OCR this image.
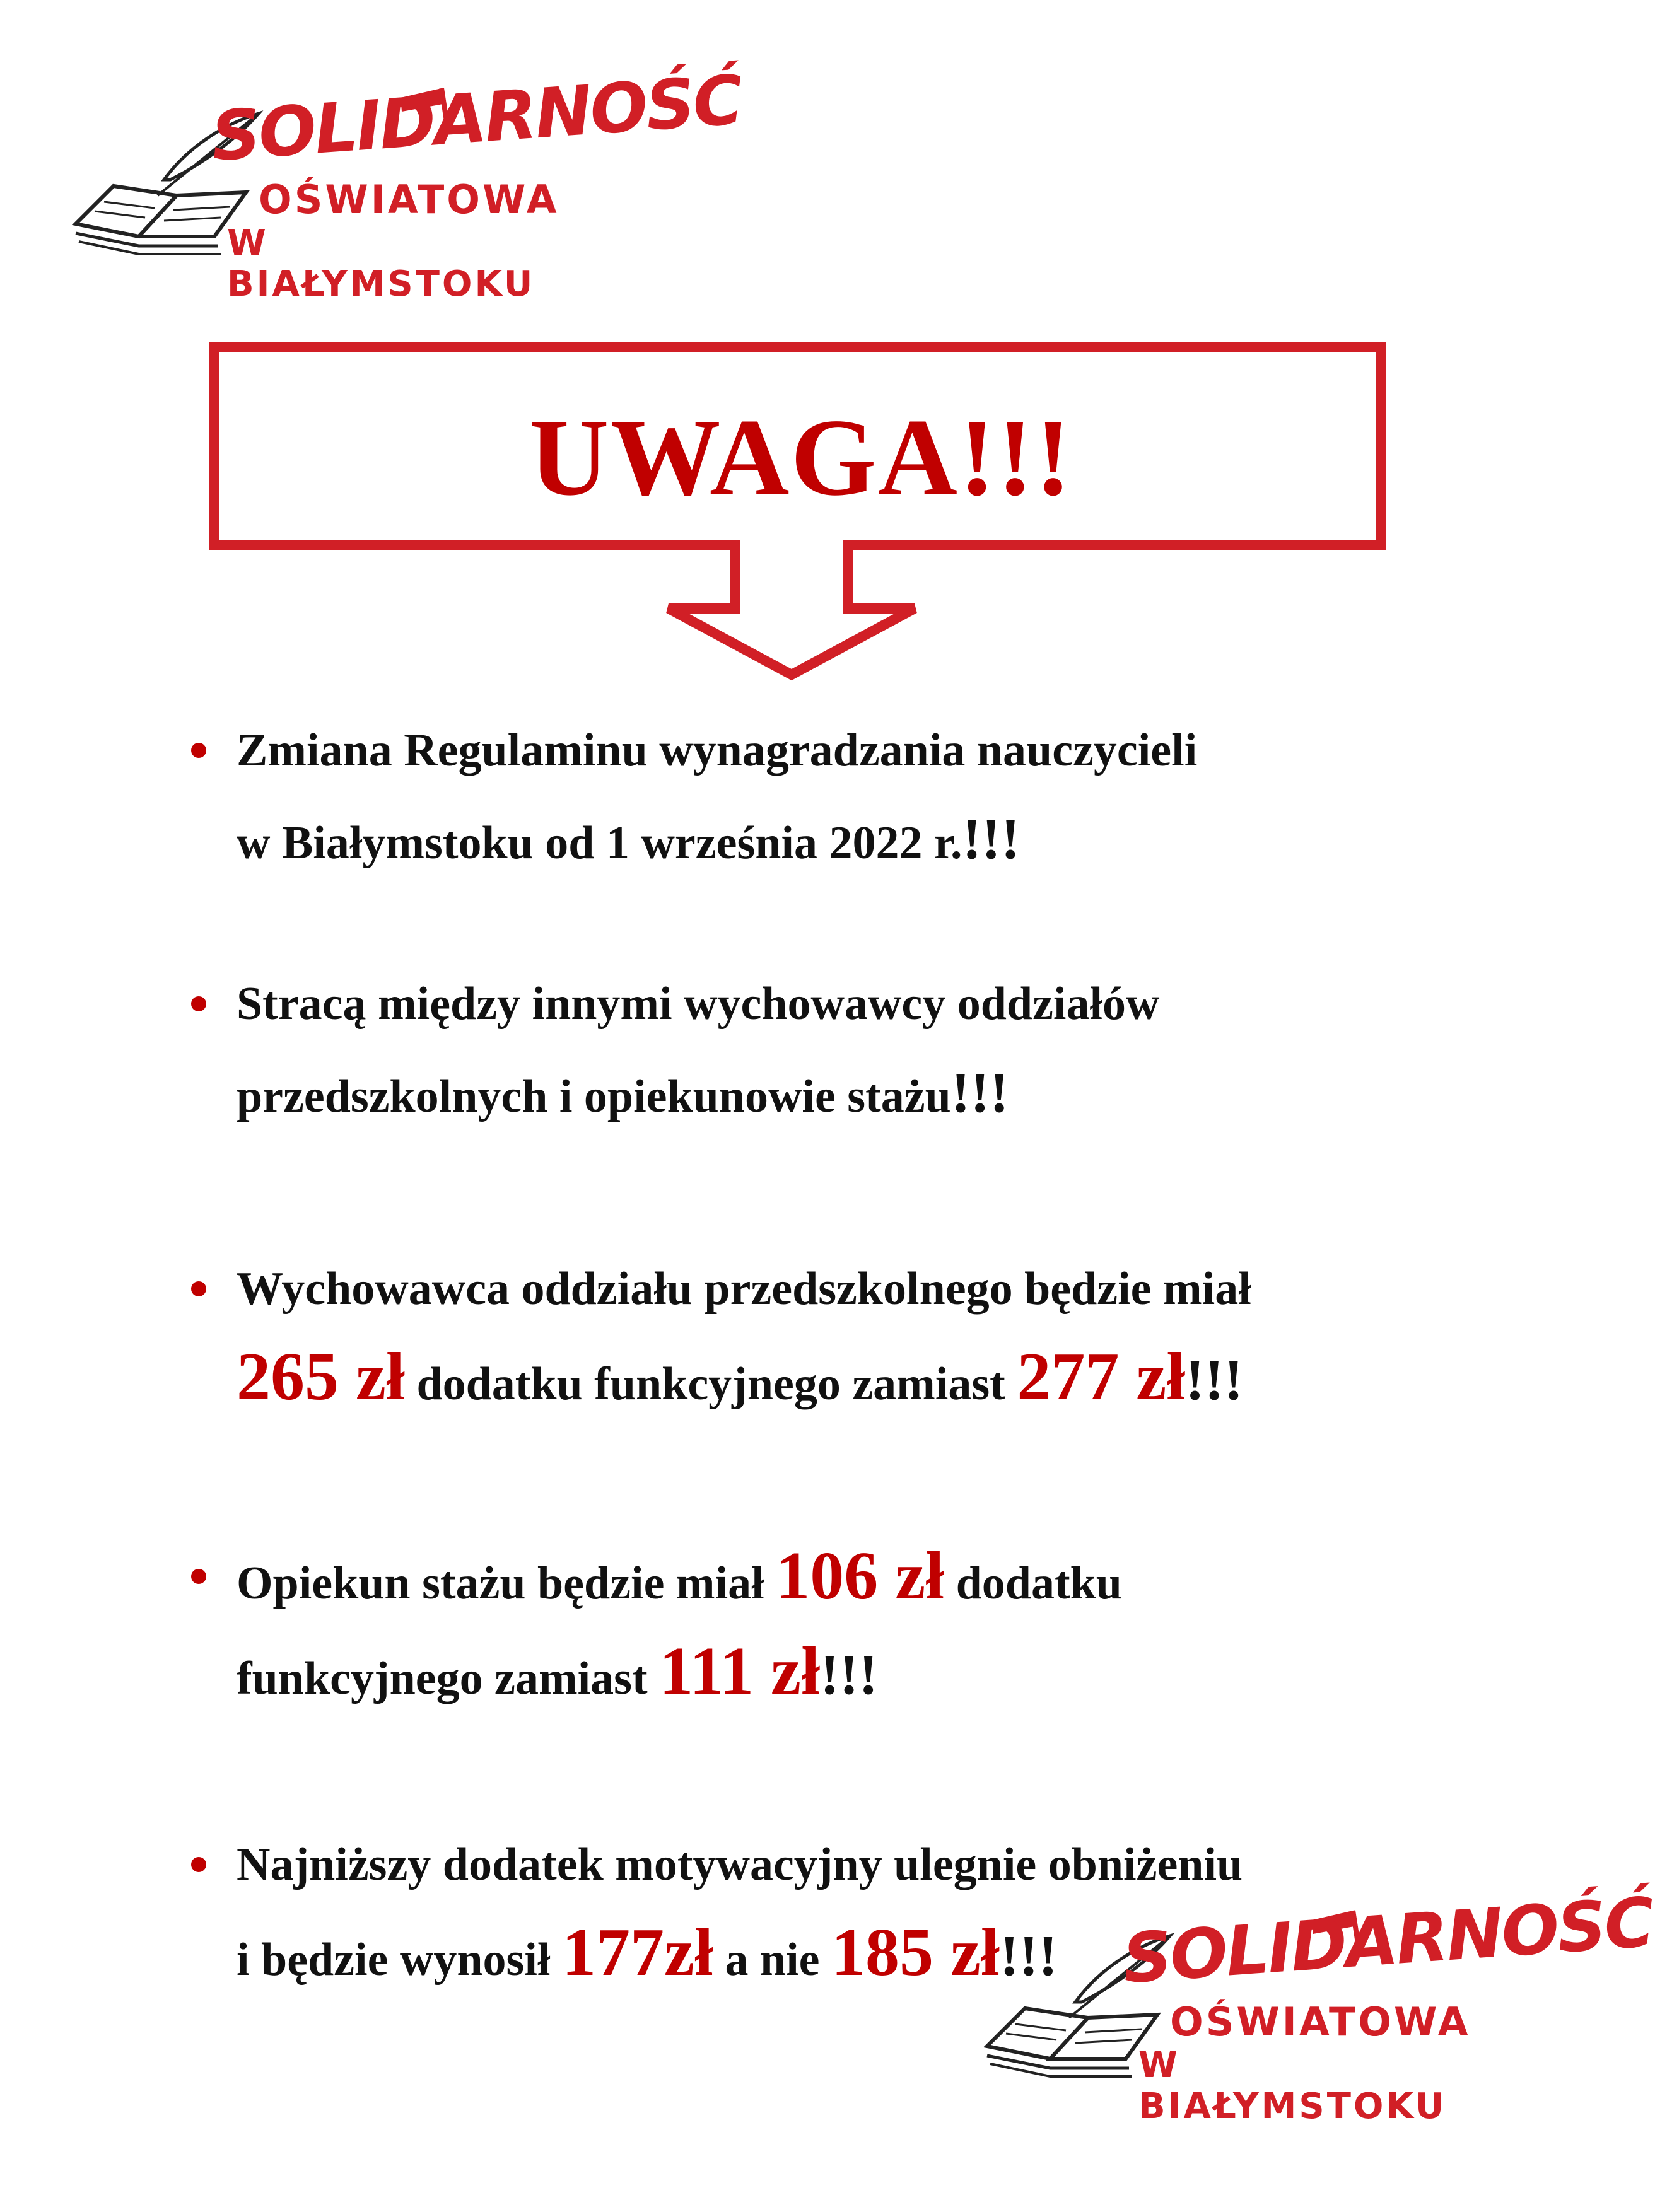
SOLIDARNOŚĆ
OŚWIATOWA
W BIAŁYMSTOKU
UWAGA!!!
Zmiana Regulaminu wynagradzania nauczycieli
w Białymstoku od 1 września 2022 r.!!!
Stracą między innymi wychowawcy oddziałów
przedszkolnych i opiekunowie stażu!!!
Wychowawca oddziału przedszkolnego będzie miał
265 zł dodatku funkcyjnego zamiast 277 zł!!!
Opiekun stażu będzie miał 106 zł dodatku
funkcyjnego zamiast 111 zł!!!
Najniższy dodatek motywacyjny ulegnie obniżeniu
i będzie wynosił 177zł a nie 185 zł!!! SOLIDARNOŚĆ
OŚWIATOWA
W BIAŁYMSTOKU
